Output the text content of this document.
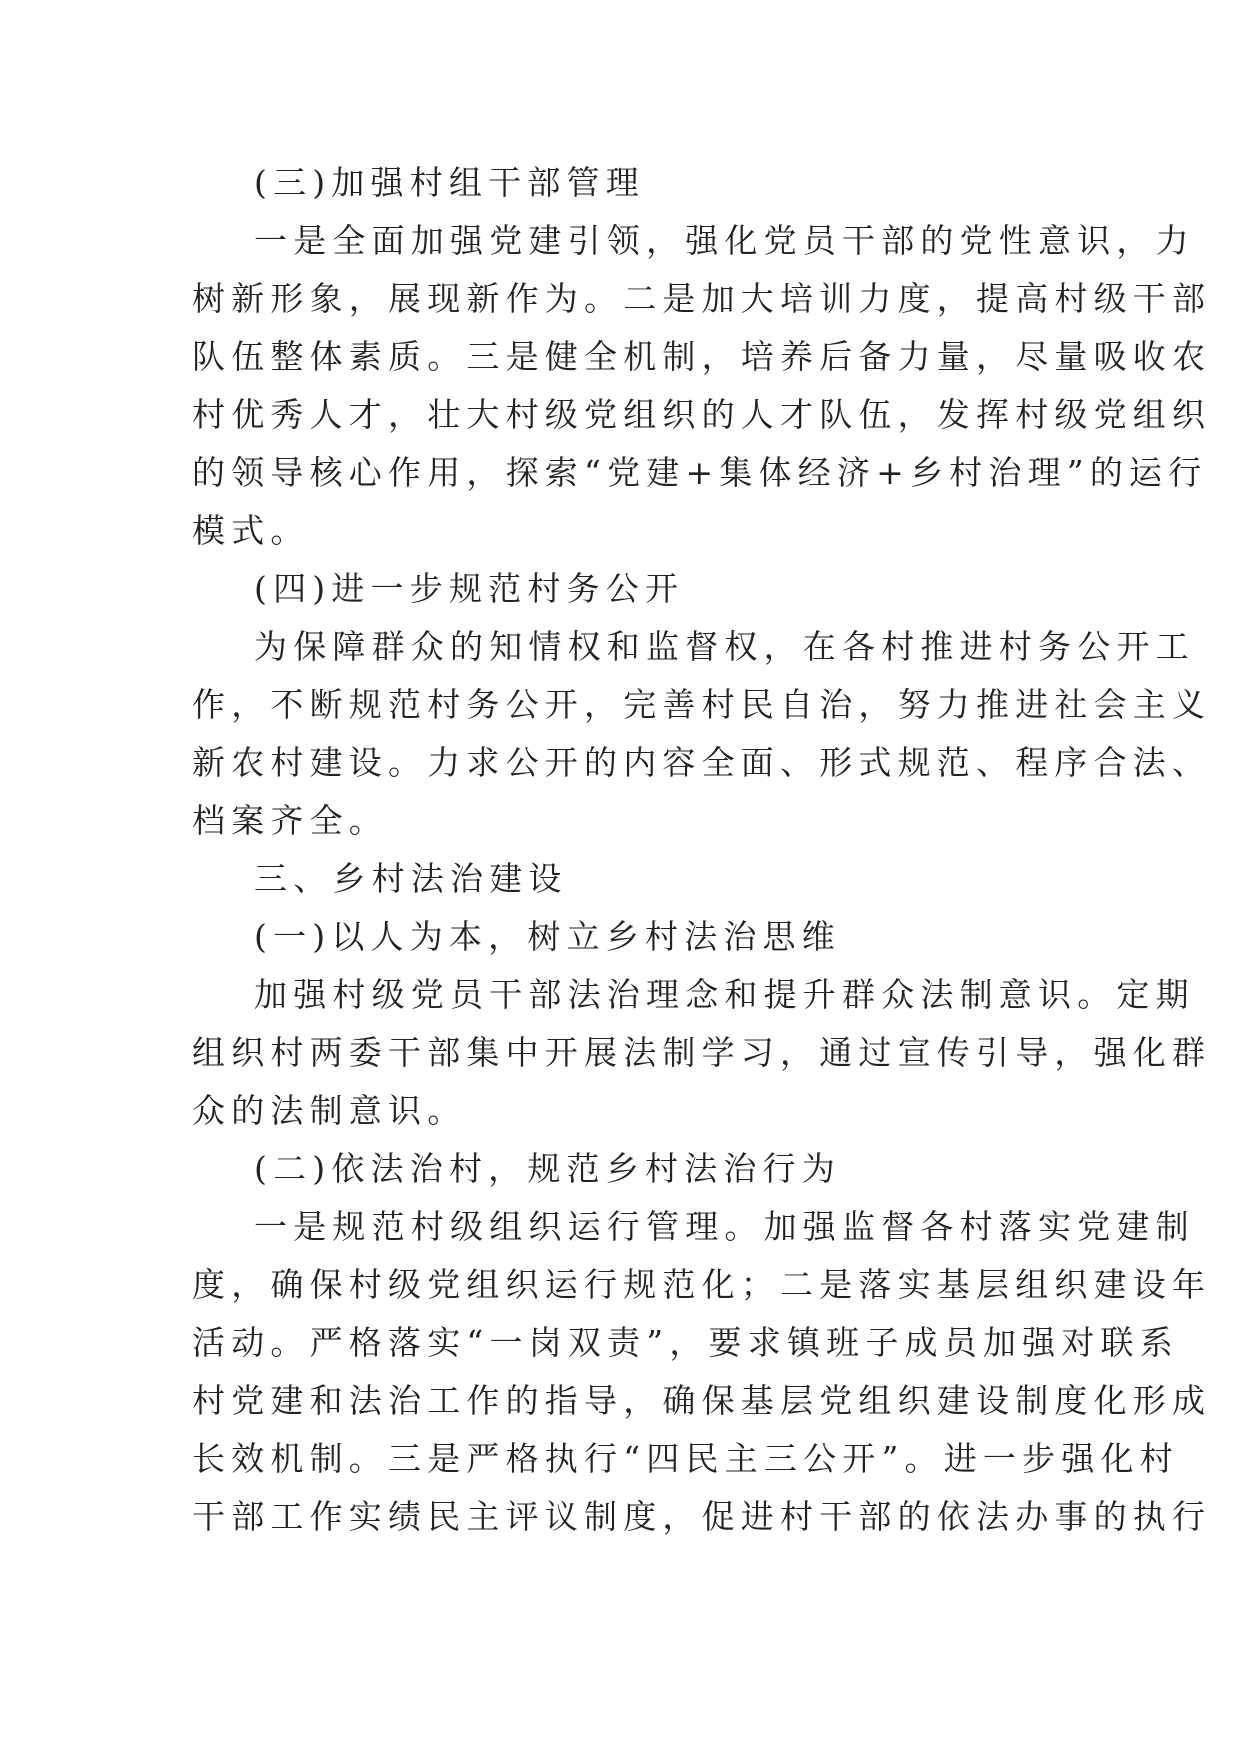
(三)加强村组干部管理
一是全面加强党建引领，强化党员干部的党性意识，力
树新形象，展现新作为。二是加大培训力度，提高村级干部
队伍整体素质。三是健全机制，培养后备力量，尽量吸收农
村优秀人才，壮大村级党组织的人才队伍，发挥村级党组织
的领导核心作用，探索“党建+集体经济+乡村治理”的运行
模式。
(四)进一步规范村务公开
为保障群众的知情权和监督权，在各村推进村务公开工
作，不断规范村务公开，完善村民自治，努力推进社会主义
新农村建设。力求公开的内容全面、形式规范、程序合法、
档案齐全。
三、乡村法治建设
(一)以人为本，树立乡村法治思维
加强村级党员干部法治理念和提升群众法制意识。定期
组织村两委干部集中开展法制学习，通过宣传引导，强化群
众的法制意识。
(二)依法治村，规范乡村法治行为
一是规范村级组织运行管理。加强监督各村落实党建制
度，确保村级党组织运行规范化；二是落实基层组织建设年
活动。严格落实“一岗双责”，要求镇班子成员加强对联系
村党建和法治工作的指导，确保基层党组织建设制度化形成
长效机制。三是严格执行“四民主三公开”。进一步强化村
干部工作实绩民主评议制度，促进村干部的依法办事的执行
